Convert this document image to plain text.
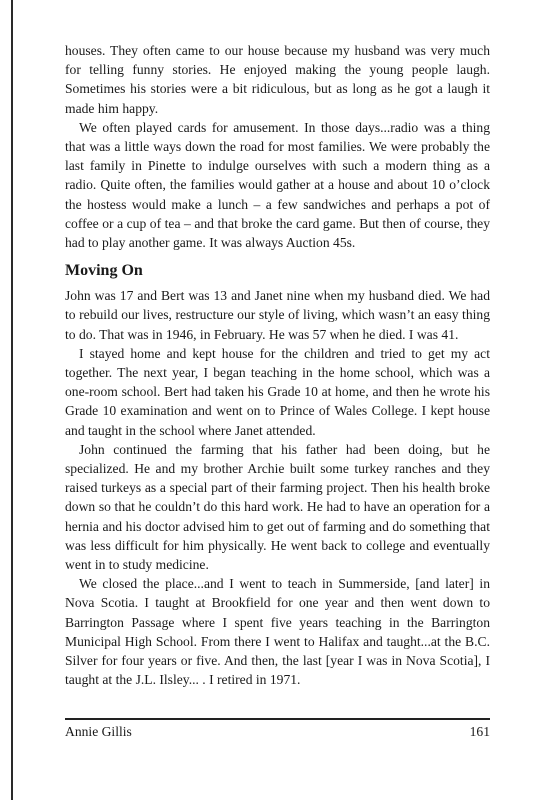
houses. They often came to our house because my husband was very much for telling funny stories. He enjoyed making the young people laugh. Sometimes his stories were a bit ridiculous, but as long as he got a laugh it made him happy.

We often played cards for amusement. In those days...radio was a thing that was a little ways down the road for most families. We were probably the last family in Pinette to indulge ourselves with such a modern thing as a radio. Quite often, the families would gather at a house and about 10 o’clock the hostess would make a lunch – a few sandwiches and perhaps a pot of coffee or a cup of tea – and that broke the card game. But then of course, they had to play another game. It was always Auction 45s.

Moving On

John was 17 and Bert was 13 and Janet nine when my husband died. We had to rebuild our lives, restructure our style of living, which wasn’t an easy thing to do. That was in 1946, in February. He was 57 when he died. I was 41.

I stayed home and kept house for the children and tried to get my act together. The next year, I began teaching in the home school, which was a one-room school. Bert had taken his Grade 10 at home, and then he wrote his Grade 10 examination and went on to Prince of Wales College. I kept house and taught in the school where Janet attended.

John continued the farming that his father had been doing, but he specialized. He and my brother Archie built some turkey ranches and they raised turkeys as a special part of their farming project. Then his health broke down so that he couldn’t do this hard work. He had to have an operation for a hernia and his doctor advised him to get out of farming and do something that was less difficult for him physically. He went back to college and eventually went in to study medicine.

We closed the place...and I went to teach in Summerside, [and later] in Nova Scotia. I taught at Brookfield for one year and then went down to Barrington Passage where I spent five years teaching in the Barrington Municipal High School. From there I went to Halifax and taught...at the B.C. Silver for four years or five. And then, the last [year I was in Nova Scotia], I taught at the J.L. Ilsley... . I retired in 1971.

Annie Gillis	161
